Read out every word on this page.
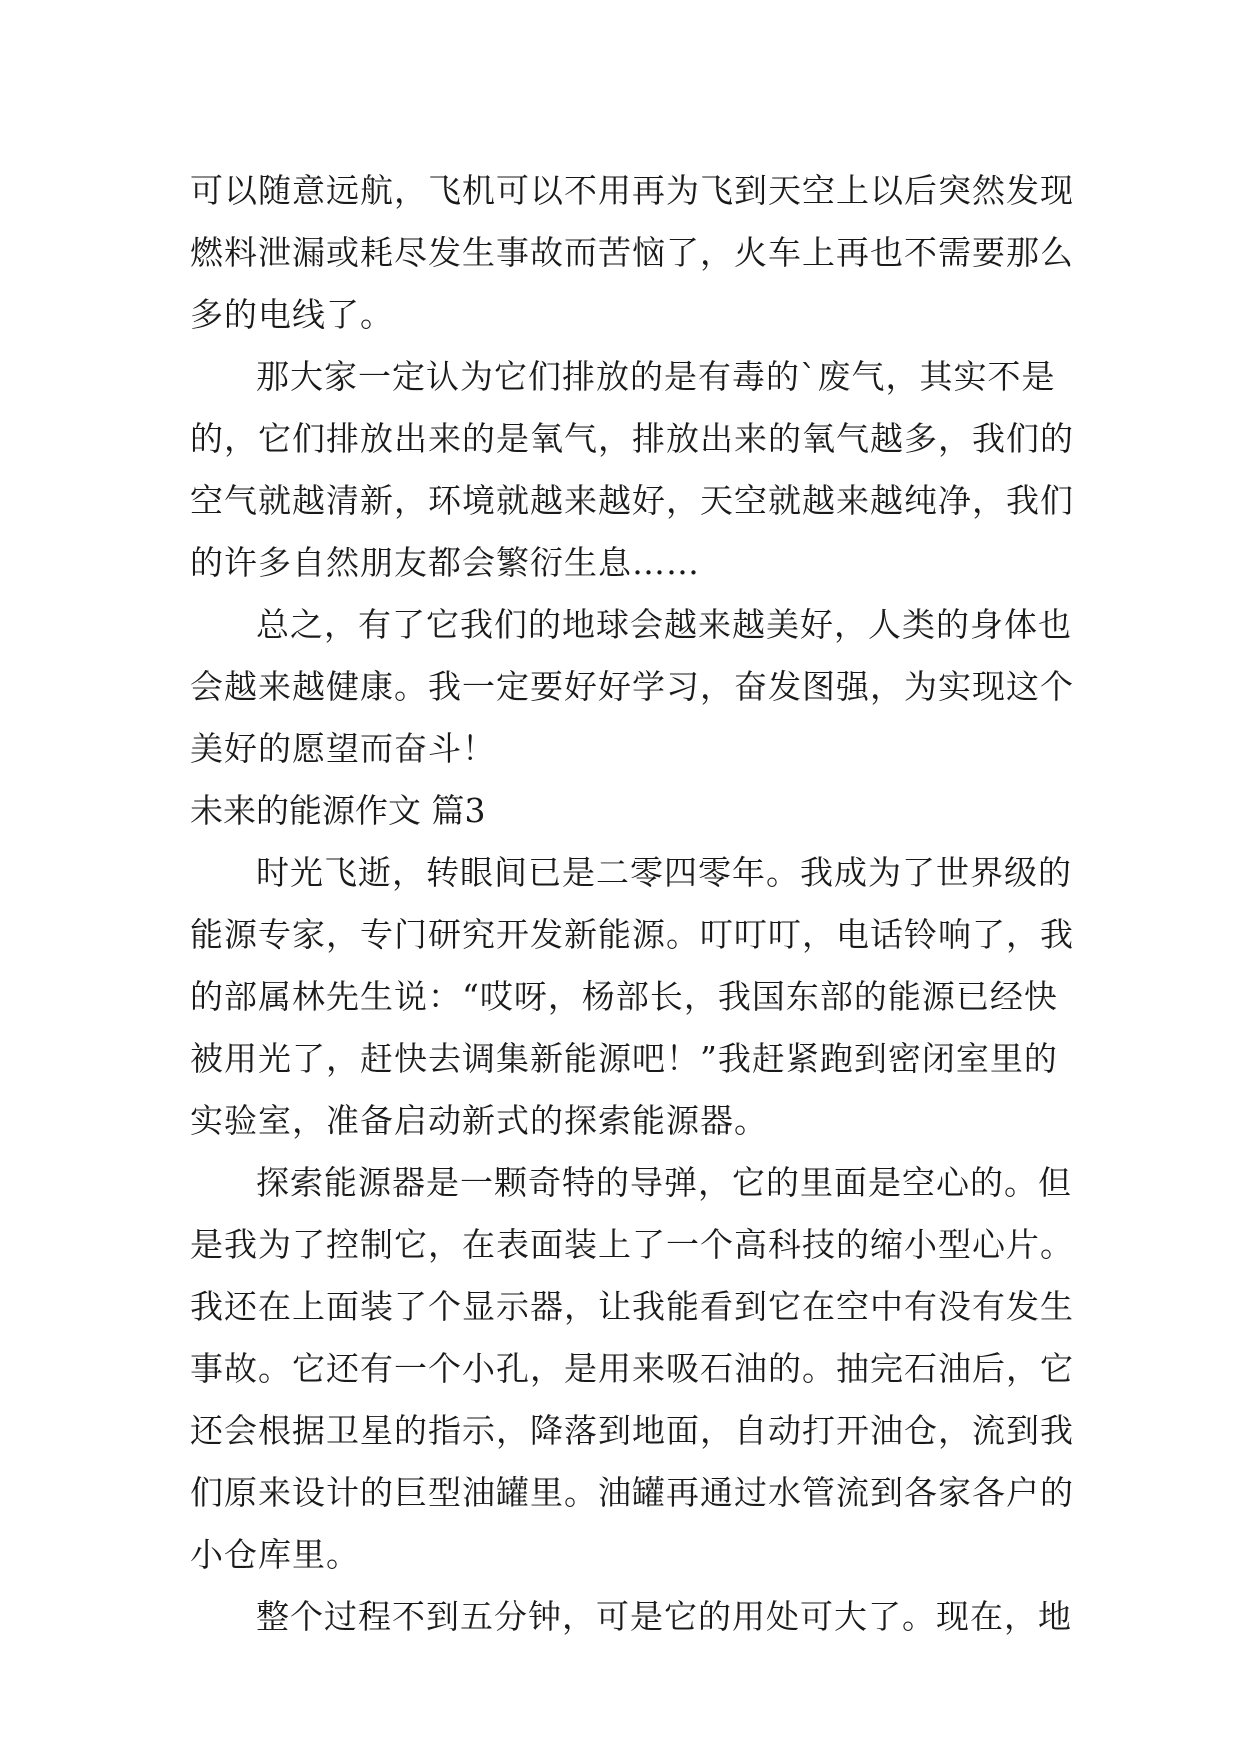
可以随意远航，飞机可以不用再为飞到天空上以后突然发现
燃料泄漏或耗尽发生事故而苦恼了，火车上再也不需要那么
多的电线了。
那大家一定认为它们排放的是有毒的`废气，其实不是
的，它们排放出来的是氧气，排放出来的氧气越多，我们的
空气就越清新，环境就越来越好，天空就越来越纯净，我们
的许多自然朋友都会繁衍生息……
总之，有了它我们的地球会越来越美好，人类的身体也
会越来越健康。我一定要好好学习，奋发图强，为实现这个
美好的愿望而奋斗！
未来的能源作文 篇3
时光飞逝，转眼间已是二零四零年。我成为了世界级的
能源专家，专门研究开发新能源。叮叮叮，电话铃响了，我
的部属林先生说：“哎呀，杨部长，我国东部的能源已经快
被用光了，赶快去调集新能源吧！”我赶紧跑到密闭室里的
实验室，准备启动新式的探索能源器。
探索能源器是一颗奇特的导弹，它的里面是空心的。但
是我为了控制它，在表面装上了一个高科技的缩小型心片。
我还在上面装了个显示器，让我能看到它在空中有没有发生
事故。它还有一个小孔，是用来吸石油的。抽完石油后，它
还会根据卫星的指示，降落到地面，自动打开油仓，流到我
们原来设计的巨型油罐里。油罐再通过水管流到各家各户的
小仓库里。
整个过程不到五分钟，可是它的用处可大了。现在，地
